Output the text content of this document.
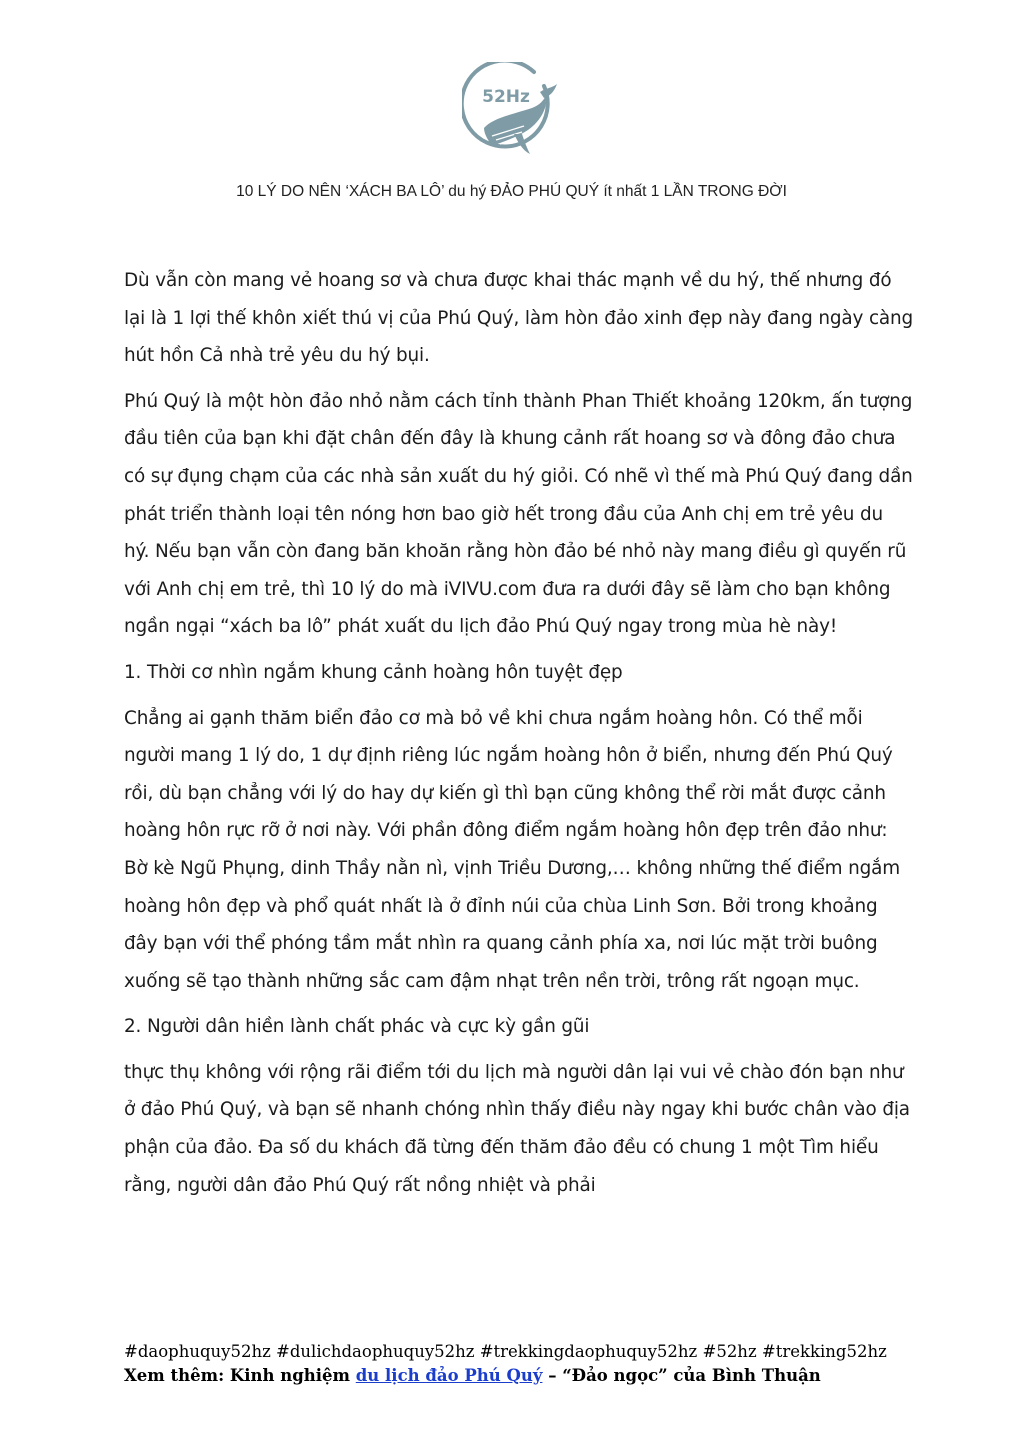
52Hz
10 LÝ DO NÊN ‘XÁCH BA LÔ’ du hý ĐẢO PHÚ QUÝ ít nhất 1 LẦN TRONG ĐỜI

Dù vẫn còn mang vẻ hoang sơ và chưa được khai thác mạnh về du hý, thế nhưng đó lại là 1 lợi thế khôn xiết thú vị của Phú Quý, làm hòn đảo xinh đẹp này đang ngày càng hút hồn Cả nhà trẻ yêu du hý bụi.

Phú Quý là một hòn đảo nhỏ nằm cách tỉnh thành Phan Thiết khoảng 120km, ấn tượng đầu tiên của bạn khi đặt chân đến đây là khung cảnh rất hoang sơ và đông đảo chưa có sự đụng chạm của các nhà sản xuất du hý giỏi. Có nhẽ vì thế mà Phú Quý đang dần phát triển thành loại tên nóng hơn bao giờ hết trong đầu của Anh chị em trẻ yêu du hý. Nếu bạn vẫn còn đang băn khoăn rằng hòn đảo bé nhỏ này mang điều gì quyến rũ với Anh chị em trẻ, thì 10 lý do mà iVIVU.com đưa ra dưới đây sẽ làm cho bạn không ngần ngại “xách ba lô” phát xuất du lịch đảo Phú Quý ngay trong mùa hè này!

1. Thời cơ nhìn ngắm khung cảnh hoàng hôn tuyệt đẹp

Chẳng ai gạnh thăm biển đảo cơ mà bỏ về khi chưa ngắm hoàng hôn. Có thể mỗi người mang 1 lý do, 1 dự định riêng lúc ngắm hoàng hôn ở biển, nhưng đến Phú Quý rồi, dù bạn chẳng với lý do hay dự kiến gì thì bạn cũng không thể rời mắt được cảnh hoàng hôn rực rỡ ở nơi này. Với phần đông điểm ngắm hoàng hôn đẹp trên đảo như: Bờ kè Ngũ Phụng, dinh Thầy nằn nì, vịnh Triều Dương,… không những thế điểm ngắm hoàng hôn đẹp và phổ quát nhất là ở đỉnh núi của chùa Linh Sơn. Bởi trong khoảng đây bạn với thể phóng tầm mắt nhìn ra quang cảnh phía xa, nơi lúc mặt trời buông xuống sẽ tạo thành những sắc cam đậm nhạt trên nền trời, trông rất ngoạn mục.

2. Người dân hiền lành chất phác và cực kỳ gần gũi

thực thụ không với rộng rãi điểm tới du lịch mà người dân lại vui vẻ chào đón bạn như ở đảo Phú Quý, và bạn sẽ nhanh chóng nhìn thấy điều này ngay khi bước chân vào địa phận của đảo. Đa số du khách đã từng đến thăm đảo đều có chung 1 một Tìm hiểu rằng, người dân đảo Phú Quý rất nồng nhiệt và phải

#daophuquy52hz #dulichdaophuquy52hz #trekkingdaophuquy52hz #52hz #trekking52hz

Xem thêm: Kinh nghiệm du lịch đảo Phú Quý – “Đảo ngọc” của Bình Thuận
